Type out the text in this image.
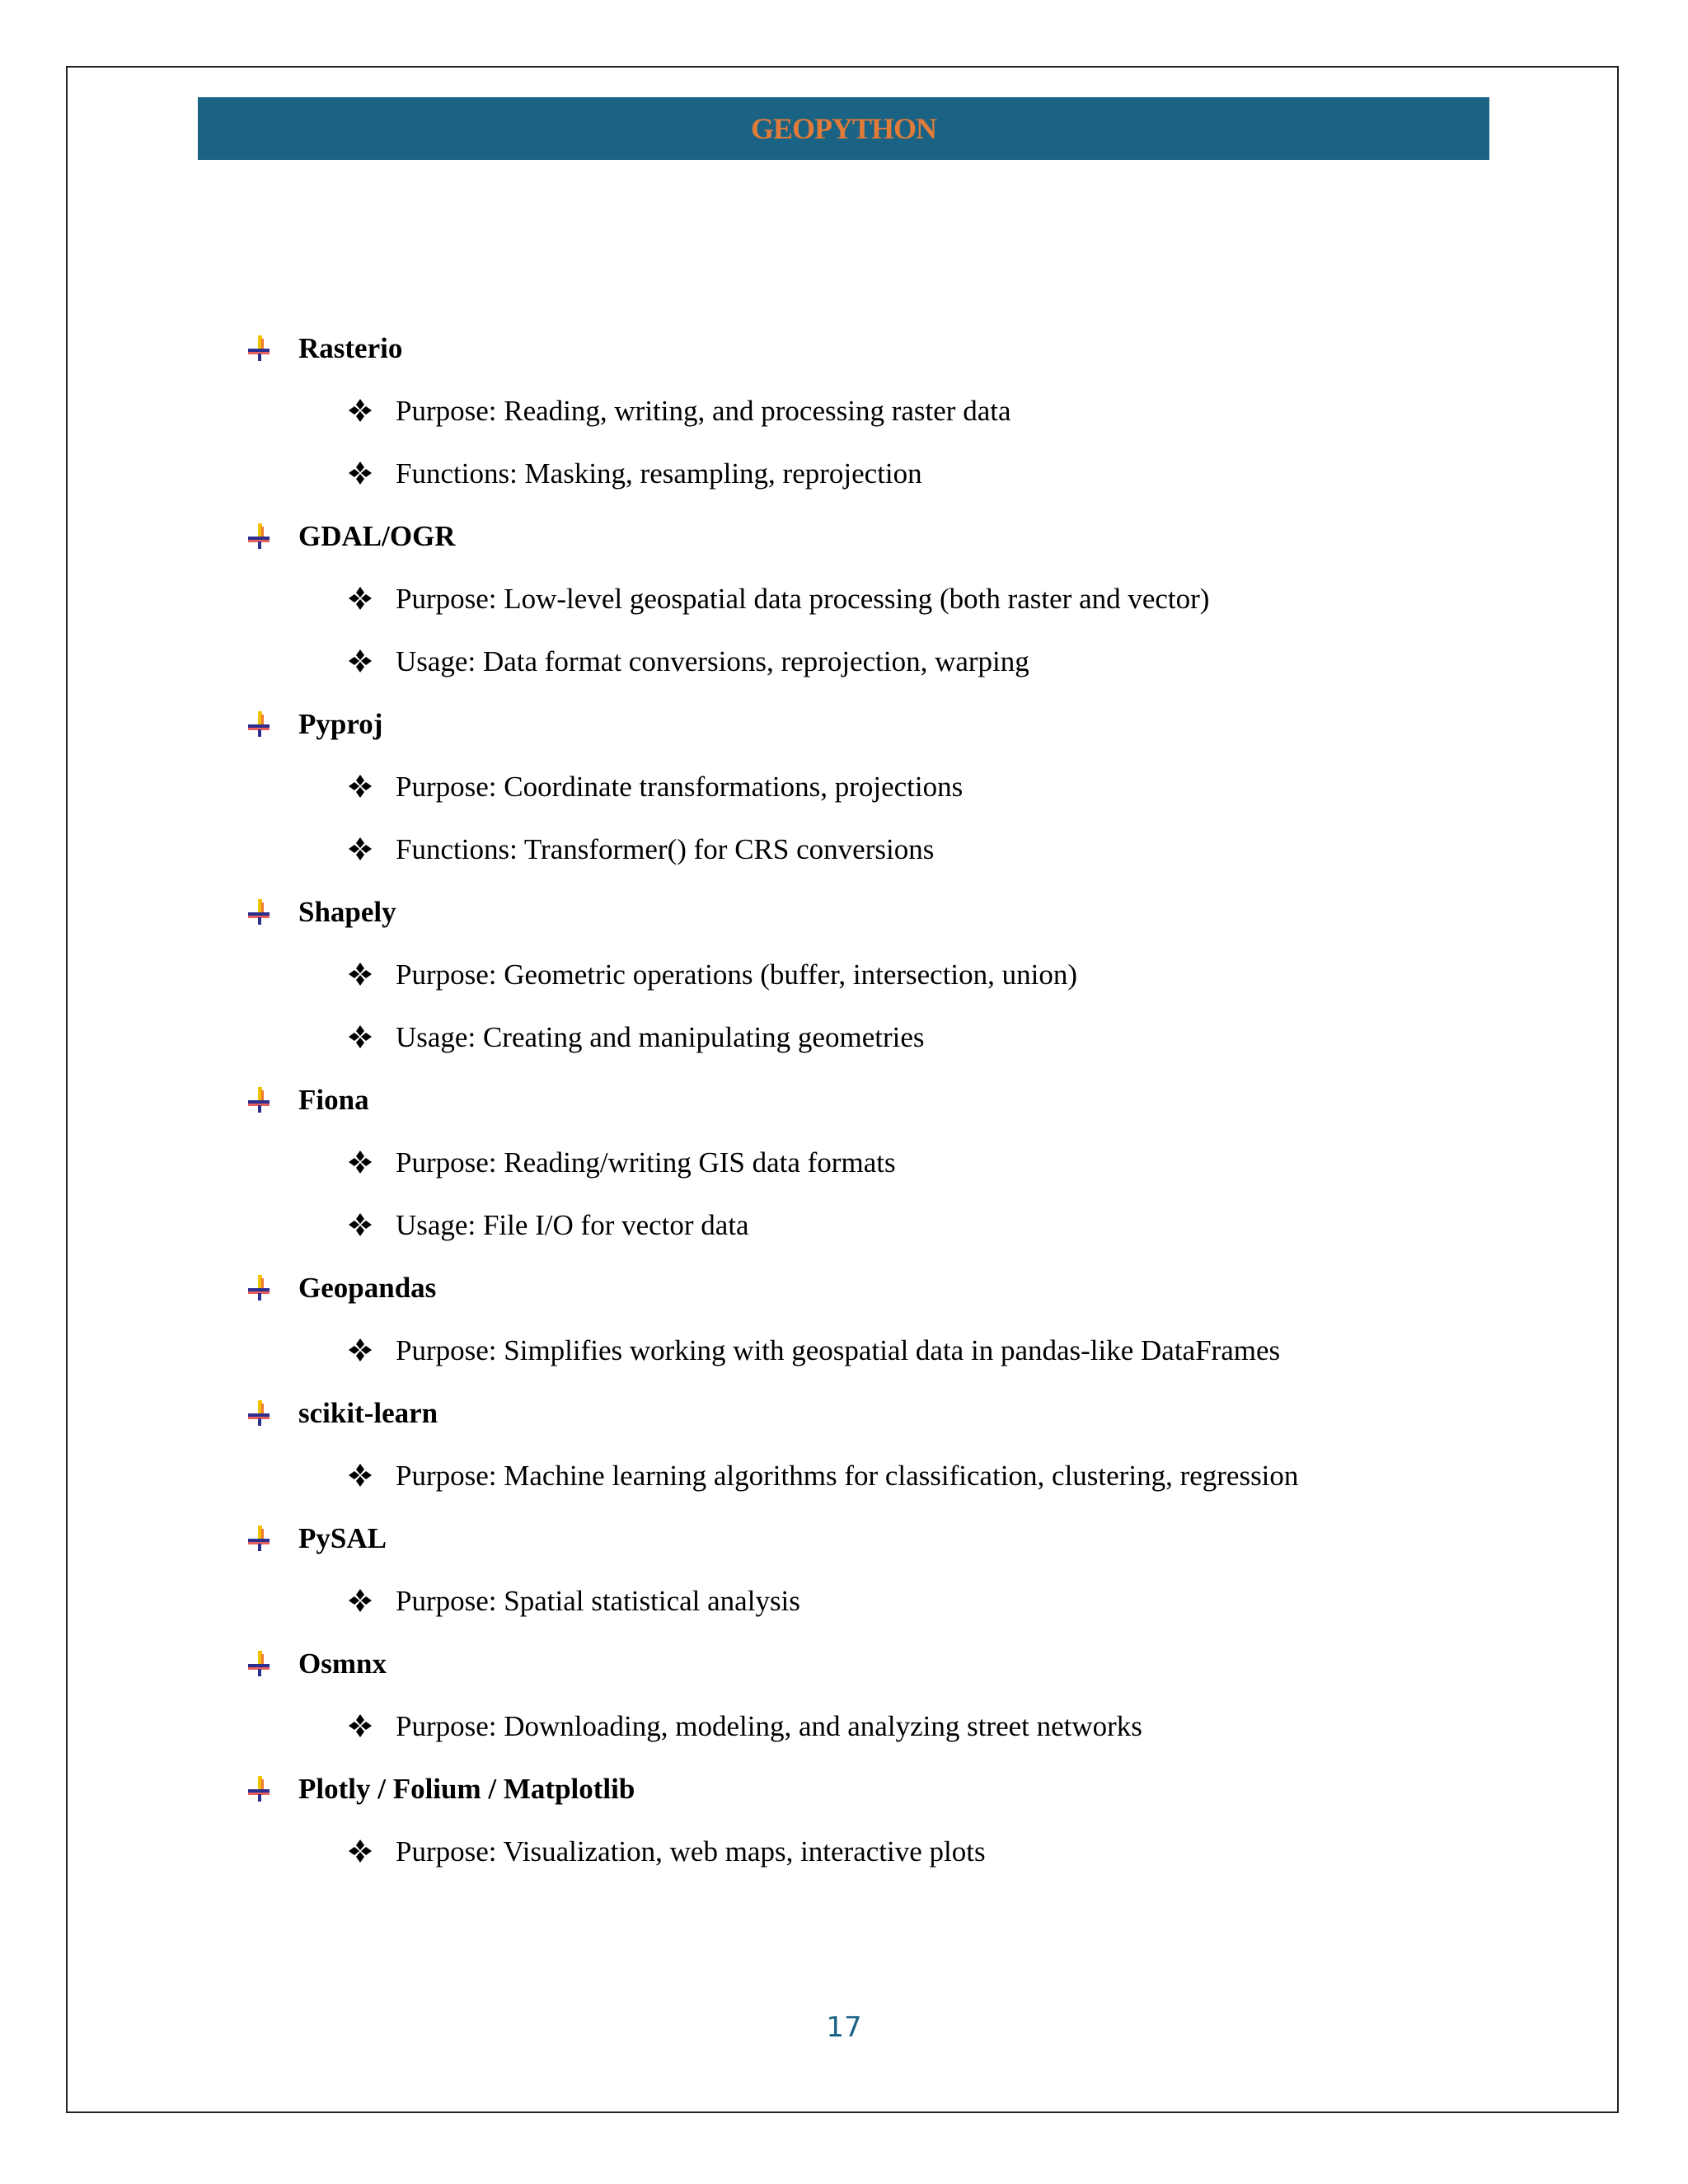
GEOPYTHON
Rasterio
Purpose: Reading, writing, and processing raster data
Functions: Masking, resampling, reprojection
GDAL/OGR
Purpose: Low-level geospatial data processing (both raster and vector)
Usage: Data format conversions, reprojection, warping
Pyproj
Purpose: Coordinate transformations, projections
Functions: Transformer() for CRS conversions
Shapely
Purpose: Geometric operations (buffer, intersection, union)
Usage: Creating and manipulating geometries
Fiona
Purpose: Reading/writing GIS data formats
Usage: File I/O for vector data
Geopandas
Purpose: Simplifies working with geospatial data in pandas-like DataFrames
scikit-learn
Purpose: Machine learning algorithms for classification, clustering, regression
PySAL
Purpose: Spatial statistical analysis
Osmnx
Purpose: Downloading, modeling, and analyzing street networks
Plotly / Folium / Matplotlib
Purpose: Visualization, web maps, interactive plots
17
